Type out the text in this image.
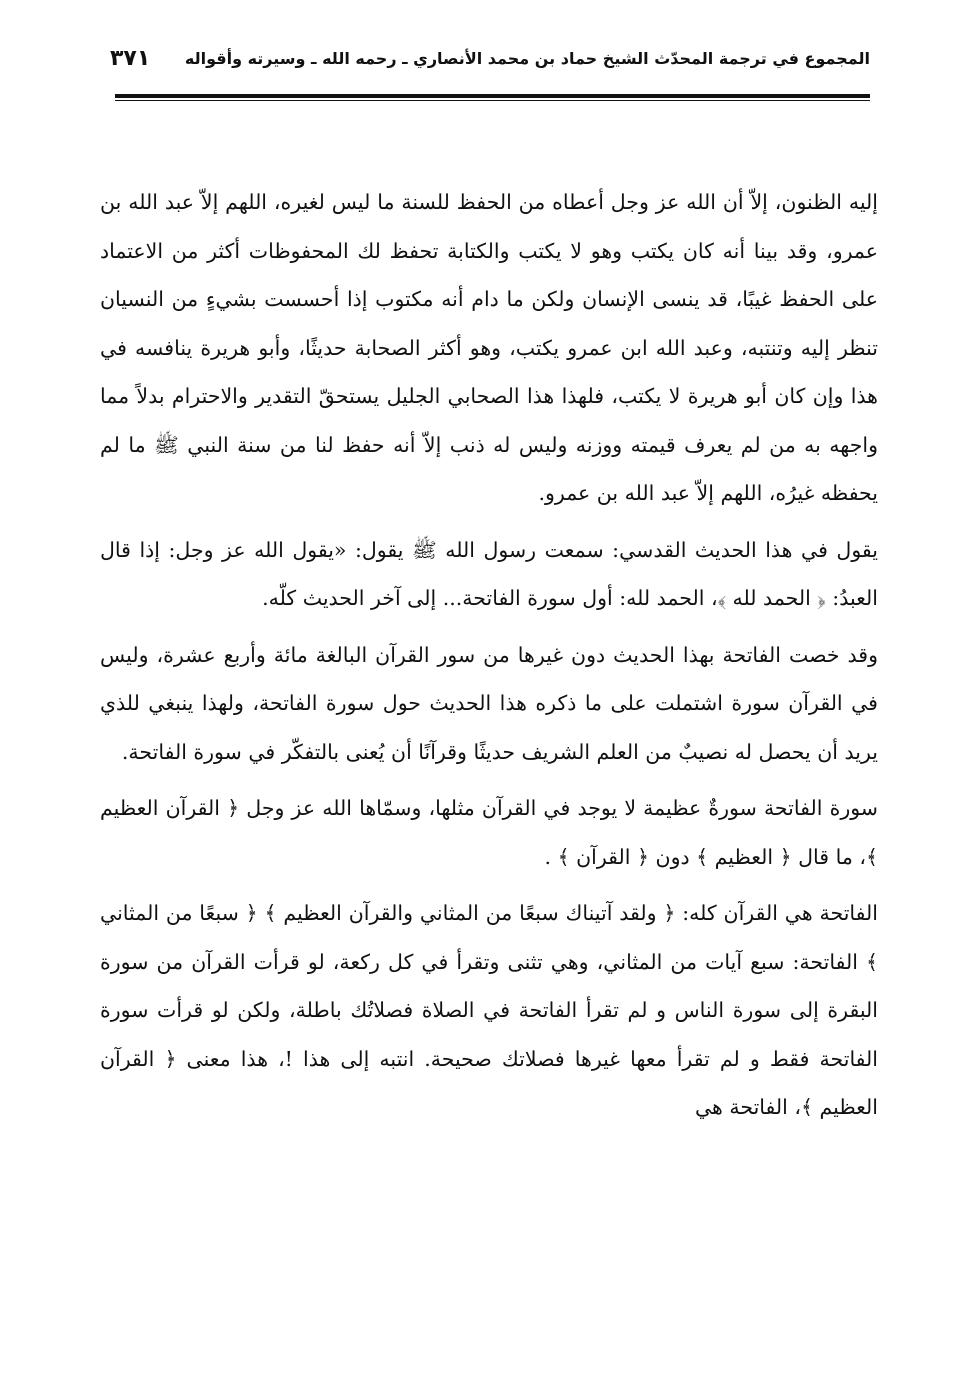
المجموع في ترجمة المحدّث الشيخ حماد بن محمد الأنصاري ـ رحمه الله ـ وسيرته وأقواله
٣٧١

إليه الظنون، إلاّ أن الله عز وجل أعطاه من الحفظ للسنة ما ليس لغيره، اللهم إلاّ عبد الله بن عمرو، وقد بينا أنه كان يكتب وهو لا يكتب والكتابة تحفظ لك المحفوظات أكثر من الاعتماد على الحفظ غيبًا، قد ينسى الإنسان ولكن ما دام أنه مكتوب إذا أحسست بشيءٍ من النسيان تنظر إليه وتنتبه، وعبد الله ابن عمرو يكتب، وهو أكثر الصحابة حديثًا، وأبو هريرة ينافسه في هذا وإن كان أبو هريرة لا يكتب، فلهذا هذا الصحابي الجليل يستحقّ التقدير والاحترام بدلاً مما واجهه به من لم يعرف قيمته ووزنه وليس له ذنب إلاّ أنه حفظ لنا من سنة النبي ﷺ ما لم يحفظه غيرُه، اللهم إلاّ عبد الله بن عمرو.

يقول في هذا الحديث القدسي: سمعت رسول الله ﷺ يقول: «يقول الله عز وجل: إذا قال العبدُ: ﴿ الحمد لله ﴾، الحمد لله: أول سورة الفاتحة... إلى آخر الحديث كلّه.

وقد خصت الفاتحة بهذا الحديث دون غيرها من سور القرآن البالغة مائة وأربع عشرة، وليس في القرآن سورة اشتملت على ما ذكره هذا الحديث حول سورة الفاتحة، ولهذا ينبغي للذي يريد أن يحصل له نصيبٌ من العلم الشريف حديثًا وقرآنًا أن يُعنى بالتفكّر في سورة الفاتحة.

سورة الفاتحة سورةٌ عظيمة لا يوجد في القرآن مثلها، وسمّاها الله عز وجل ﴿ القرآن العظيم ﴾، ما قال ﴿ العظيم ﴾ دون ﴿ القرآن ﴾ .

الفاتحة هي القرآن كله: ﴿ ولقد آتيناك سبعًا من المثاني والقرآن العظيم ﴾ ﴿ سبعًا من المثاني ﴾ الفاتحة: سبع آيات من المثاني، وهي تثنى وتقرأ في كل ركعة، لو قرأت القرآن من سورة البقرة إلى سورة الناس و لم تقرأ الفاتحة في الصلاة فصلاتُك باطلة، ولكن لو قرأت سورة الفاتحة فقط و لم تقرأ معها غيرها فصلاتك صحيحة. انتبه إلى هذا !، هذا معنى ﴿ القرآن العظيم ﴾، الفاتحة هي
